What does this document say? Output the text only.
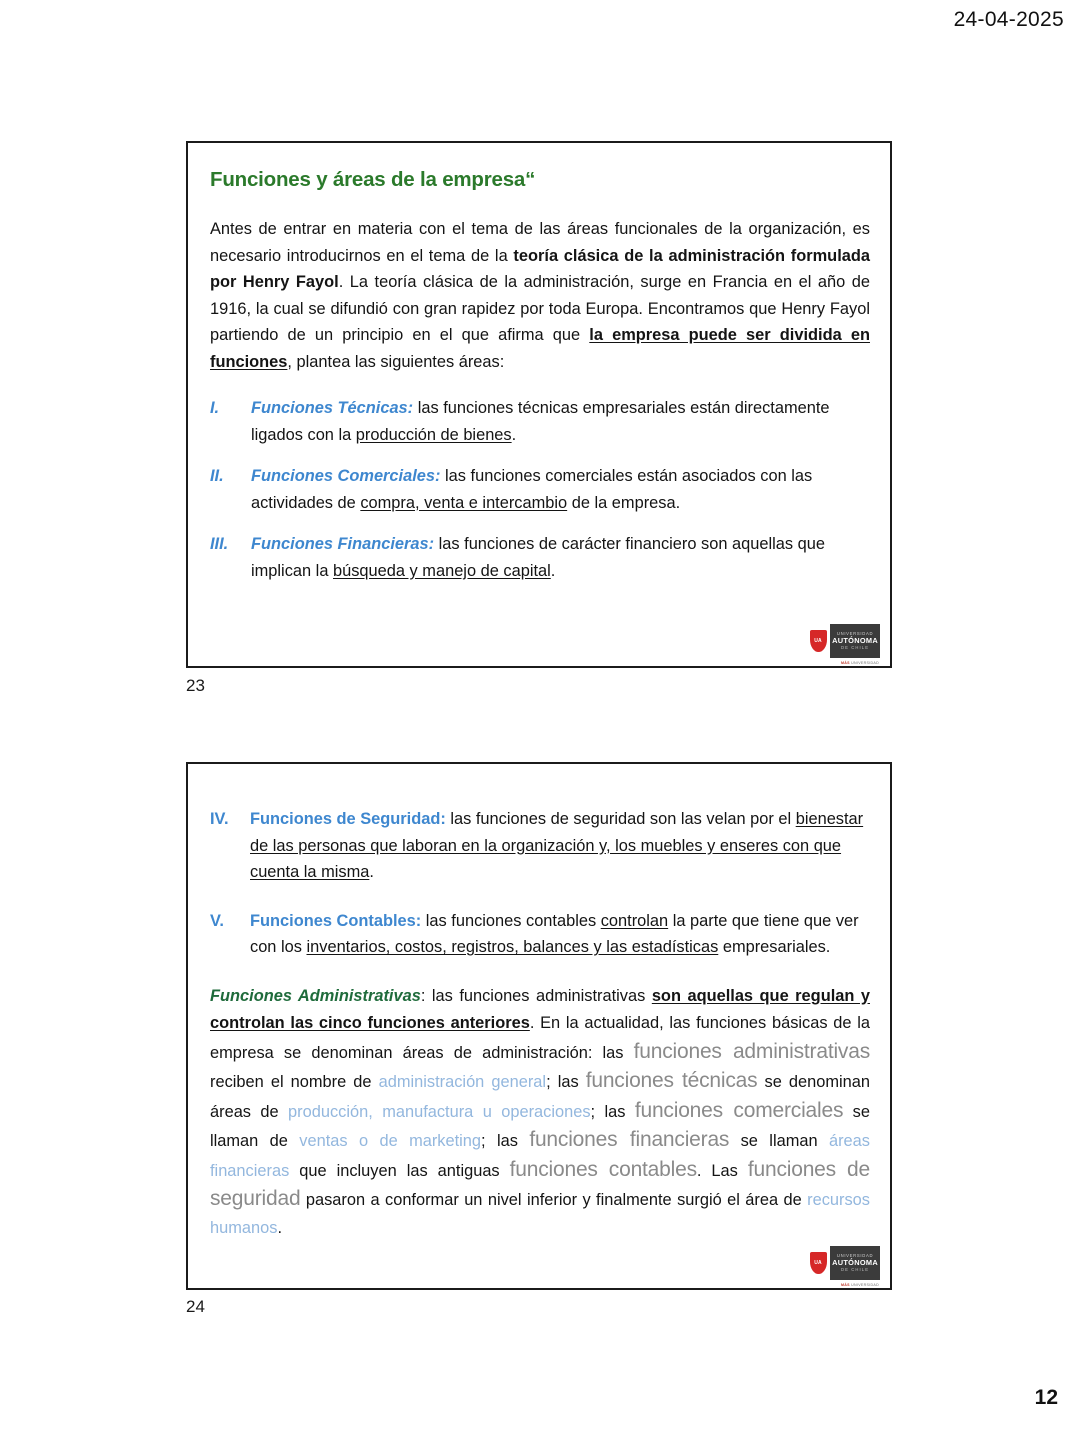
24-04-2025
Funciones y áreas de la empresa“

Antes de entrar en materia con el tema de las áreas funcionales de la organización, es necesario introducirnos en el tema de la teoría clásica de la administración formulada por Henry Fayol. La teoría clásica de la administración, surge en Francia en el año de 1916, la cual se difundió con gran rapidez por toda Europa. Encontramos que Henry Fayol partiendo de un principio en el que afirma que la empresa puede ser dividida en funciones, plantea las siguientes áreas:

I.	Funciones Técnicas: las funciones técnicas empresariales están directamente ligados con la producción de bienes.
II.	Funciones Comerciales: las funciones comerciales están asociados con las actividades de compra, venta e intercambio de la empresa.
III.	Funciones Financieras: las funciones de carácter financiero son aquellas que implican la búsqueda y manejo de capital.
UA
UNIVERSIDAD
AUTÓNOMA
DE CHILE
MÁS UNIVERSIDAD
23
IV.	Funciones de Seguridad: las funciones de seguridad son las velan por el bienestar de las personas que laboran en la organización y, los muebles y enseres con que cuenta la misma.
V.	Funciones Contables: las funciones contables controlan la parte que tiene que ver con los inventarios, costos, registros, balances y las estadísticas empresariales.

Funciones Administrativas: las funciones administrativas son aquellas que regulan y controlan las cinco funciones anteriores. En la actualidad, las funciones básicas de la empresa se denominan áreas de administración: las funciones administrativas reciben el nombre de administración general; las funciones técnicas se denominan áreas de producción, manufactura u operaciones; las funciones comerciales se llaman de ventas o de marketing; las funciones financieras se llaman áreas financieras que incluyen las antiguas funciones contables. Las funciones de seguridad pasaron a conformar un nivel inferior y finalmente surgió el área de recursos humanos.

UA
UNIVERSIDAD
AUTÓNOMA
DE CHILE
MÁS UNIVERSIDAD
24
12
